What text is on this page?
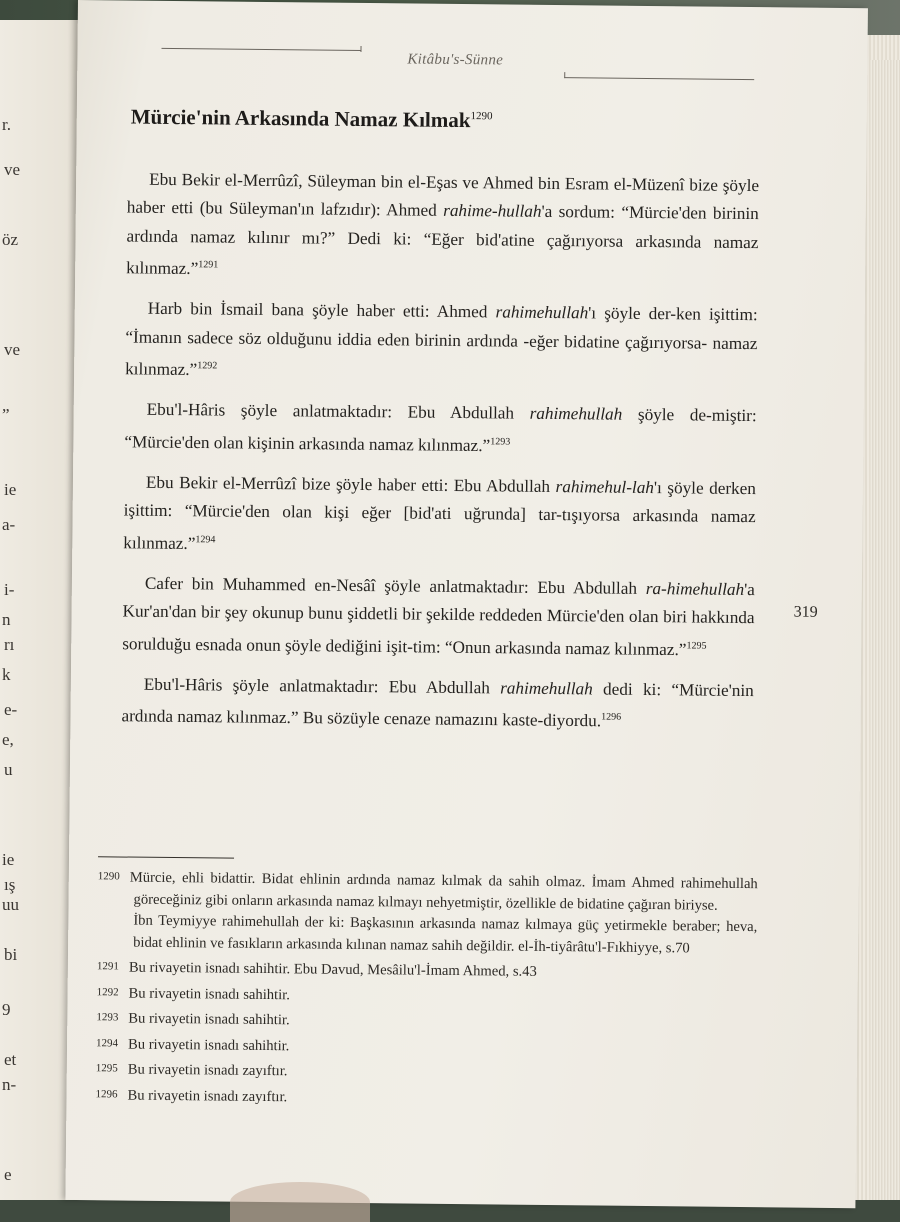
r.
ve
öz
ve
”
ie
a-
i-
n
rı
k
e-
e,
u
ie
ış
uu
bi
9
et
n-
e
Kitâbu's-Sünne
Mürcie'nin Arkasında Namaz Kılmak$^{1290}$

Ebu Bekir el-Merrûzî, Süleyman bin el-Eşas ve Ahmed bin Esram el-Müzenî bize şöyle haber etti (bu Süleyman'ın lafzıdır): Ahmed rahime-hullah'a sordum: “Mürcie'den birinin ardında namaz kılınır mı?” Dedi ki: “Eğer bid'atine çağırıyorsa arkasında namaz kılınmaz.”$^{1291}$

Harb bin İsmail bana şöyle haber etti: Ahmed rahimehullah'ı şöyle der-ken işittim: “İmanın sadece söz olduğunu iddia eden birinin ardında -eğer bidatine çağırıyorsa- namaz kılınmaz.”$^{1292}$

Ebu'l-Hâris şöyle anlatmaktadır: Ebu Abdullah rahimehullah şöyle de-miştir: “Mürcie'den olan kişinin arkasında namaz kılınmaz.”$^{1293}$

Ebu Bekir el-Merrûzî bize şöyle haber etti: Ebu Abdullah rahimehul-lah'ı şöyle derken işittim: “Mürcie'den olan kişi eğer [bid'ati uğrunda] tar-tışıyorsa arkasında namaz kılınmaz.”$^{1294}$

Cafer bin Muhammed en-Nesâî şöyle anlatmaktadır: Ebu Abdullah ra-himehullah'a Kur'an'dan bir şey okunup bunu şiddetli bir şekilde reddeden Mürcie'den olan biri hakkında sorulduğu esnada onun şöyle dediğini işit-tim: “Onun arkasında namaz kılınmaz.”$^{1295}$

Ebu'l-Hâris şöyle anlatmaktadır: Ebu Abdullah rahimehullah dedi ki: “Mürcie'nin ardında namaz kılınmaz.” Bu sözüyle cenaze namazını kaste-diyordu.$^{1296}$

319

1290 Mürcie, ehli bidattir. Bidat ehlinin ardında namaz kılmak da sahih olmaz. İmam Ahmed rahimehullah göreceğiniz gibi onların arkasında namaz kılmayı nehyetmiştir, özellikle de bidatine çağıran biriyse.

İbn Teymiyye rahimehullah der ki: Başkasının arkasında namaz kılmaya güç yetirmekle beraber; heva, bidat ehlinin ve fasıkların arkasında kılınan namaz sahih değildir. el-İh-tiyârâtu'l-Fıkhiyye, s.70

1291 Bu rivayetin isnadı sahihtir. Ebu Davud, Mesâilu'l-İmam Ahmed, s.43

1292 Bu rivayetin isnadı sahihtir.

1293 Bu rivayetin isnadı sahihtir.

1294 Bu rivayetin isnadı sahihtir.

1295 Bu rivayetin isnadı zayıftır.

1296 Bu rivayetin isnadı zayıftır.
